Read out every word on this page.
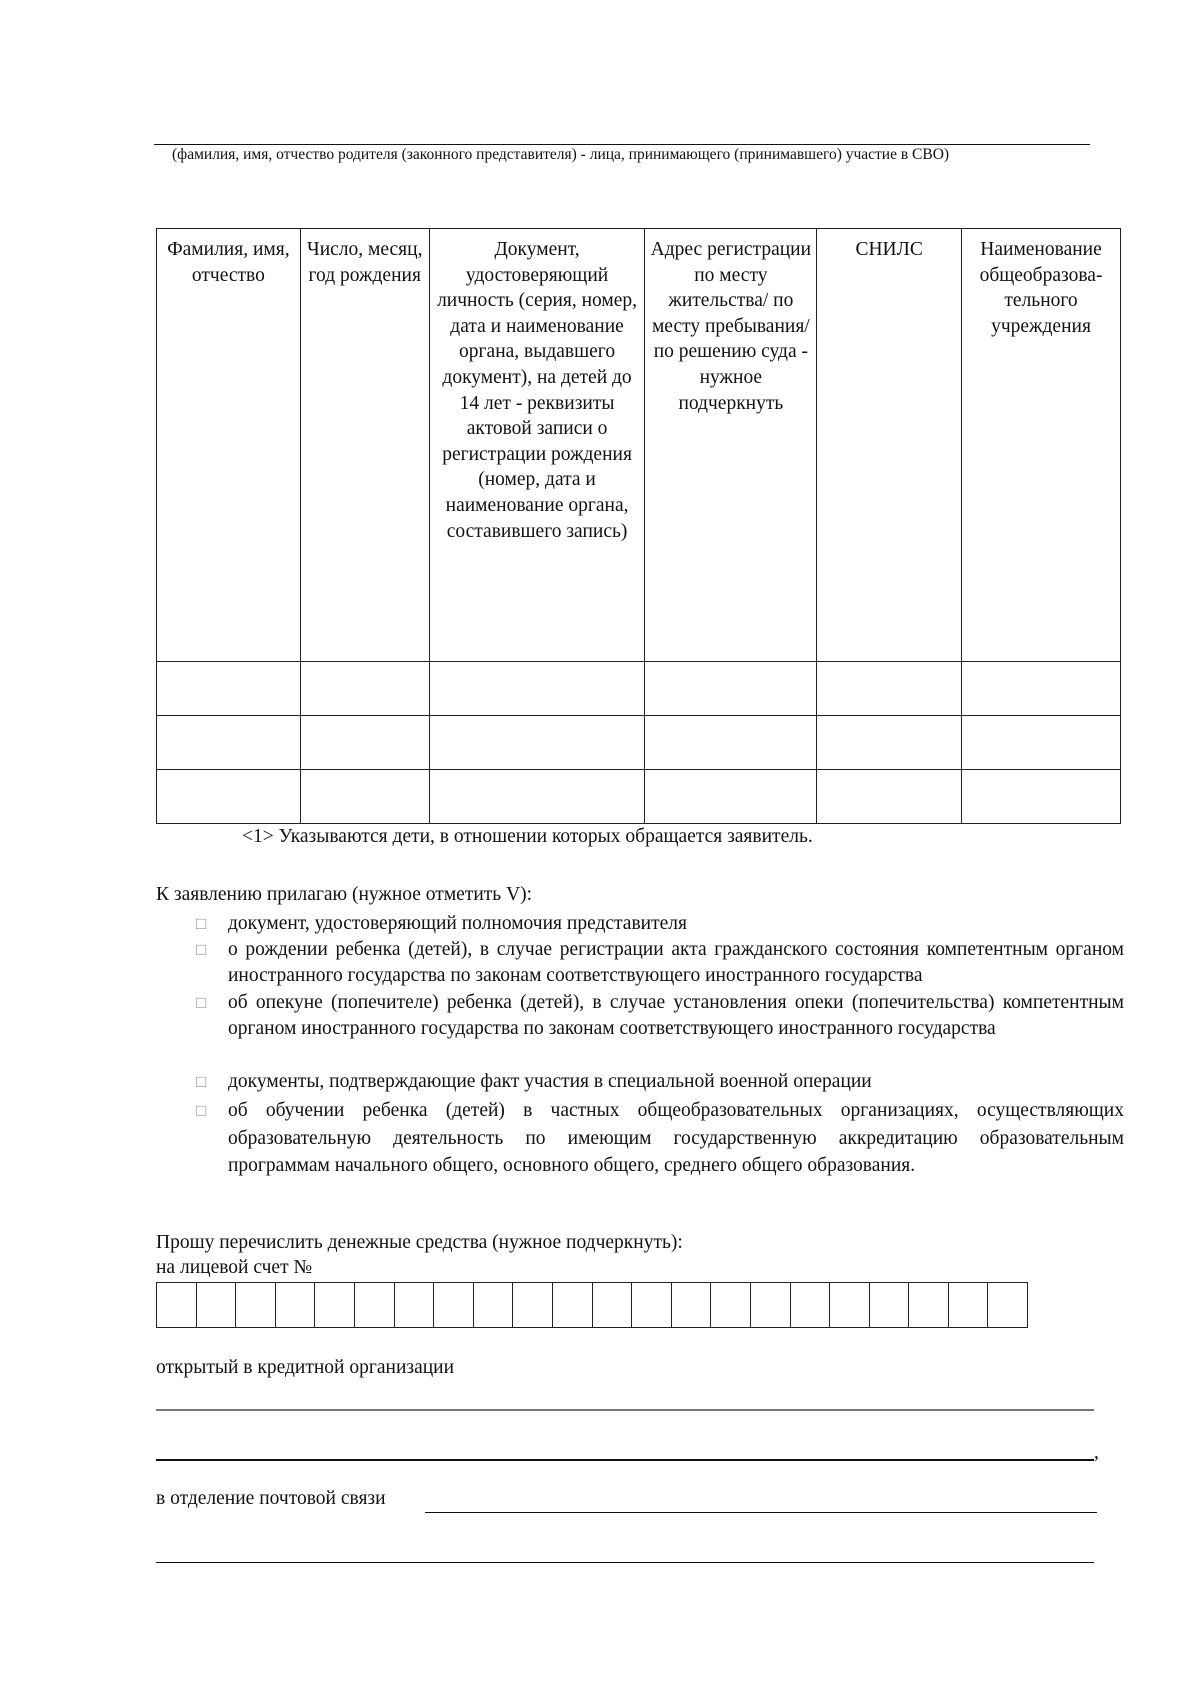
(фамилия, имя, отчество родителя (законного представителя) - лица, принимающего (принимавшего) участие в СВО)
Фамилия, имя, отчество	Число, месяц, год рождения	Документ, удостоверяющий личность (серия, номер, дата и наименование органа, выдавшего документ), на детей до 14 лет - реквизиты актовой записи о регистрации рождения (номер, дата и наименование органа, составившего запись)	Адрес регистрации по месту жительства/ по месту пребывания/ по решению суда - нужное подчеркнуть	СНИЛС	Наименование общеобразова-тельного учреждения

<1> Указываются дети, в отношении которых обращается заявитель.
К заявлению прилагаю (нужное отметить V):
□	документ, удостоверяющий полномочия представителя
□	о рождении ребенка (детей), в случае регистрации акта гражданского состояния компетентным органом иностранного государства по законам соответствующего иностранного государства
□	об опекуне (попечителе) ребенка (детей), в случае установления опеки (попечительства) компетентным органом иностранного государства по законам соответствующего иностранного государства
□	документы, подтверждающие факт участия в специальной военной операции
□	об обучении ребенка (детей) в частных общеобразовательных организациях, осуществляющих образовательную деятельность по имеющим государственную аккредитацию образовательным программам начального общего, основного общего, среднего общего образования.
Прошу перечислить денежные средства (нужное подчеркнуть):
на лицевой счет №
открытый в кредитной организации
,
в отделение почтовой связи
